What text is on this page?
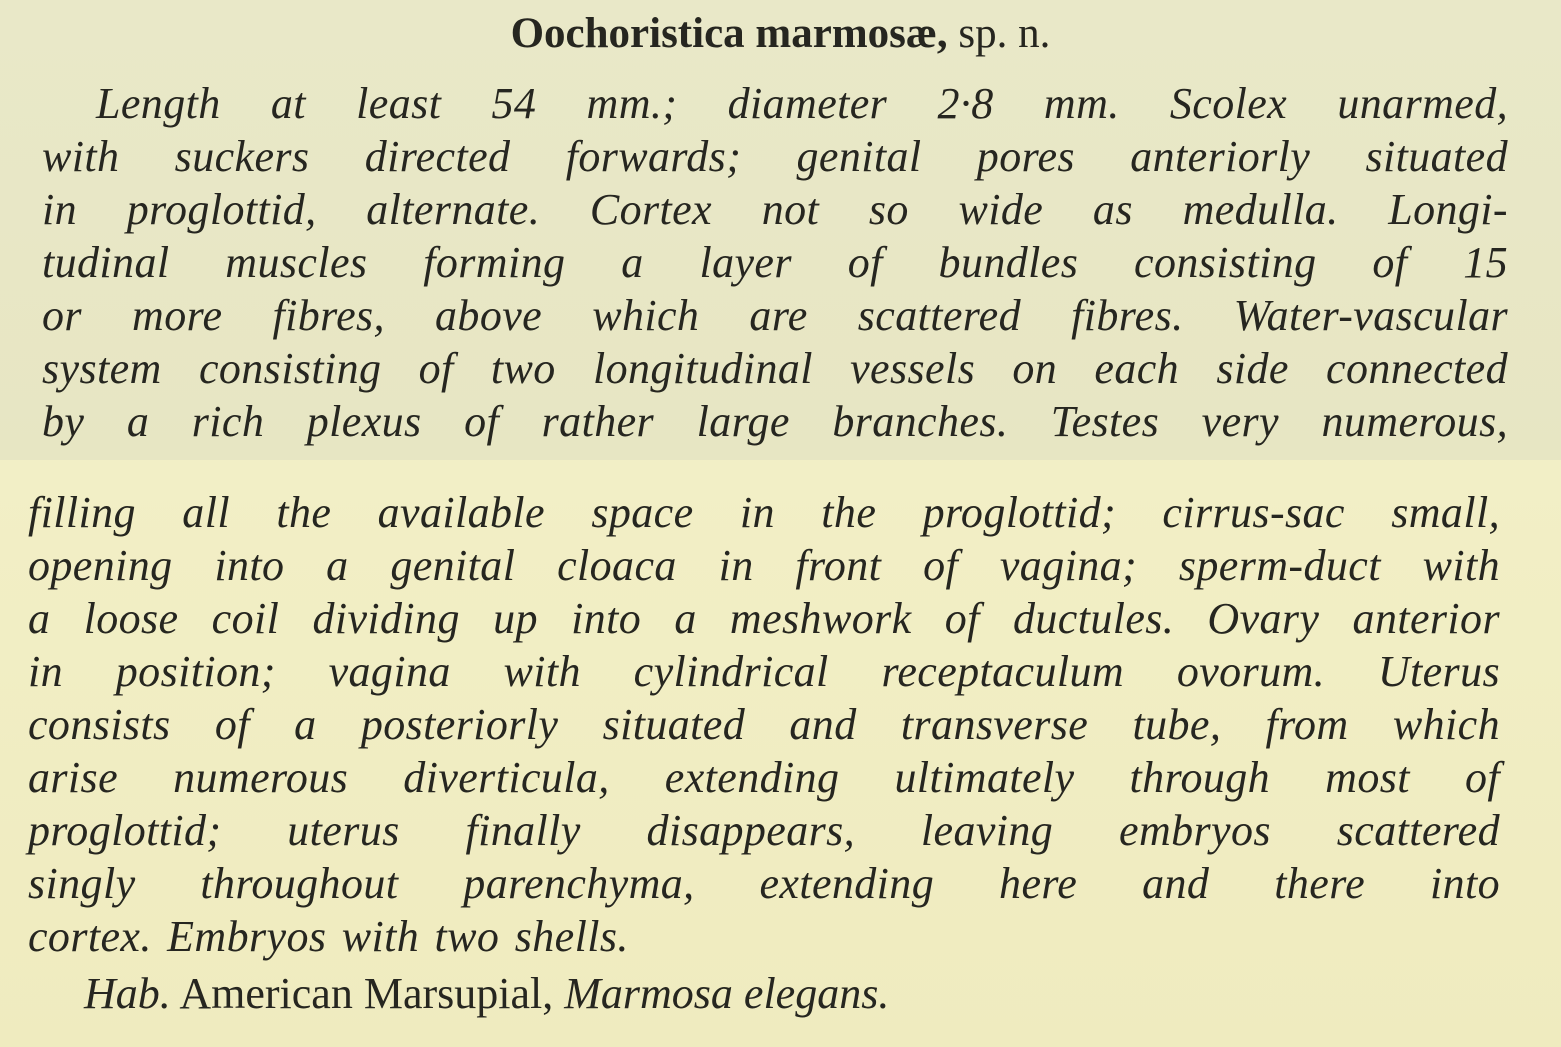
Oochoristica marmosæ, sp. n.
Length at least 54 mm.; diameter 2·8 mm. Scolex unarmed,
with suckers directed forwards; genital pores anteriorly situated
in proglottid, alternate. Cortex not so wide as medulla. Longi-
tudinal muscles forming a layer of bundles consisting of 15
or more fibres, above which are scattered fibres. Water-vascular
system consisting of two longitudinal vessels on each side connected
by a rich plexus of rather large branches. Testes very numerous,
filling all the available space in the proglottid; cirrus-sac small,
opening into a genital cloaca in front of vagina; sperm-duct with
a loose coil dividing up into a meshwork of ductules. Ovary anterior
in position; vagina with cylindrical receptaculum ovorum. Uterus
consists of a posteriorly situated and transverse tube, from which
arise numerous diverticula, extending ultimately through most of
proglottid; uterus finally disappears, leaving embryos scattered
singly throughout parenchyma, extending here and there into
cortex. Embryos with two shells.
Hab. American Marsupial, Marmosa elegans.
